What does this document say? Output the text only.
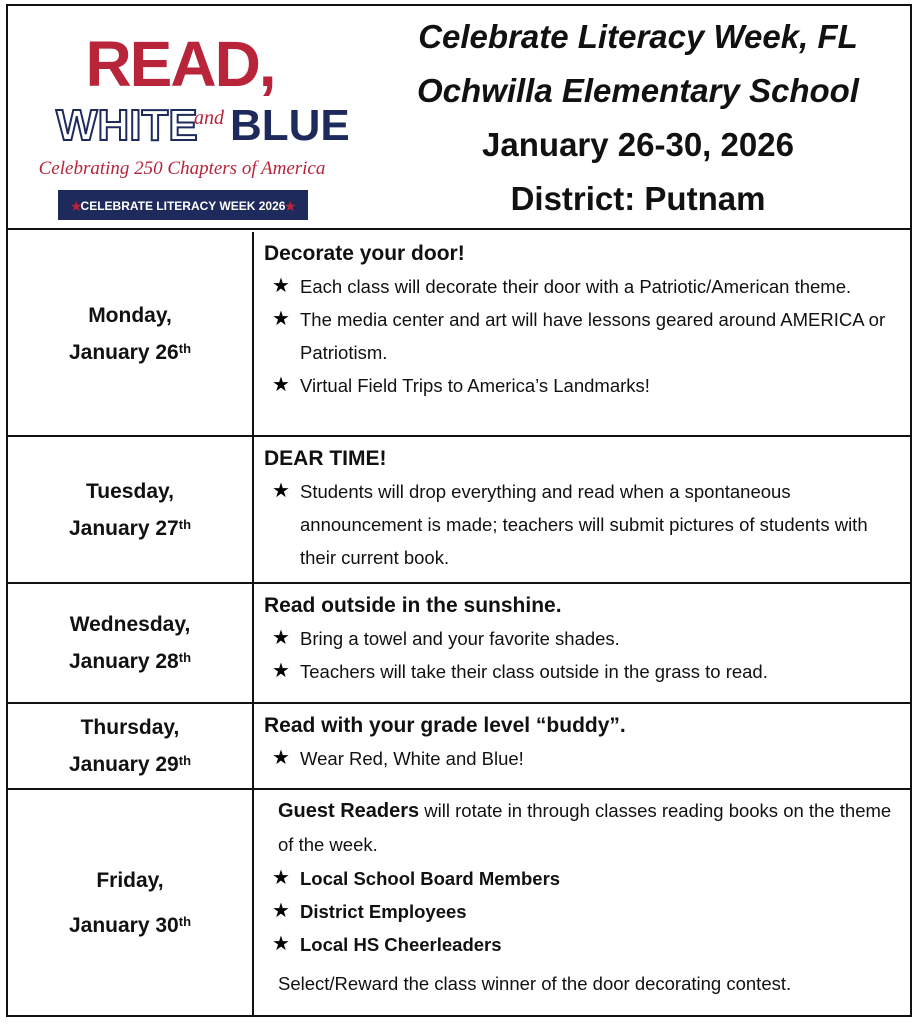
READ,
WHITE
and BLUE
Celebrating 250 Chapters of America
★
CELEBRATE LITERACY WEEK 2026
★
Celebrate Literacy Week, FL
Ochwilla Elementary School
January 26-30, 2026
District: Putnam
Monday,
January 26th
Decorate your door!
★ Each class will decorate their door with a Patriotic/American theme.
★ The media center and art will have lessons geared around AMERICA or Patriotism.
★ Virtual Field Trips to America’s Landmarks!
Tuesday,
January 27th
DEAR TIME!
★ Students will drop everything and read when a spontaneous announcement is made; teachers will submit pictures of students with their current book.
Wednesday,
January 28th
Read outside in the sunshine.
★ Bring a towel and your favorite shades.
★ Teachers will take their class outside in the grass to read.
Thursday,
January 29th
Read with your grade level “buddy”.
★ Wear Red, White and Blue!
Friday,
January 30th
Guest Readers will rotate in through classes reading books on the theme of the week.
★ Local School Board Members
★ District Employees
★ Local HS Cheerleaders
Select/Reward the class winner of the door decorating contest.
